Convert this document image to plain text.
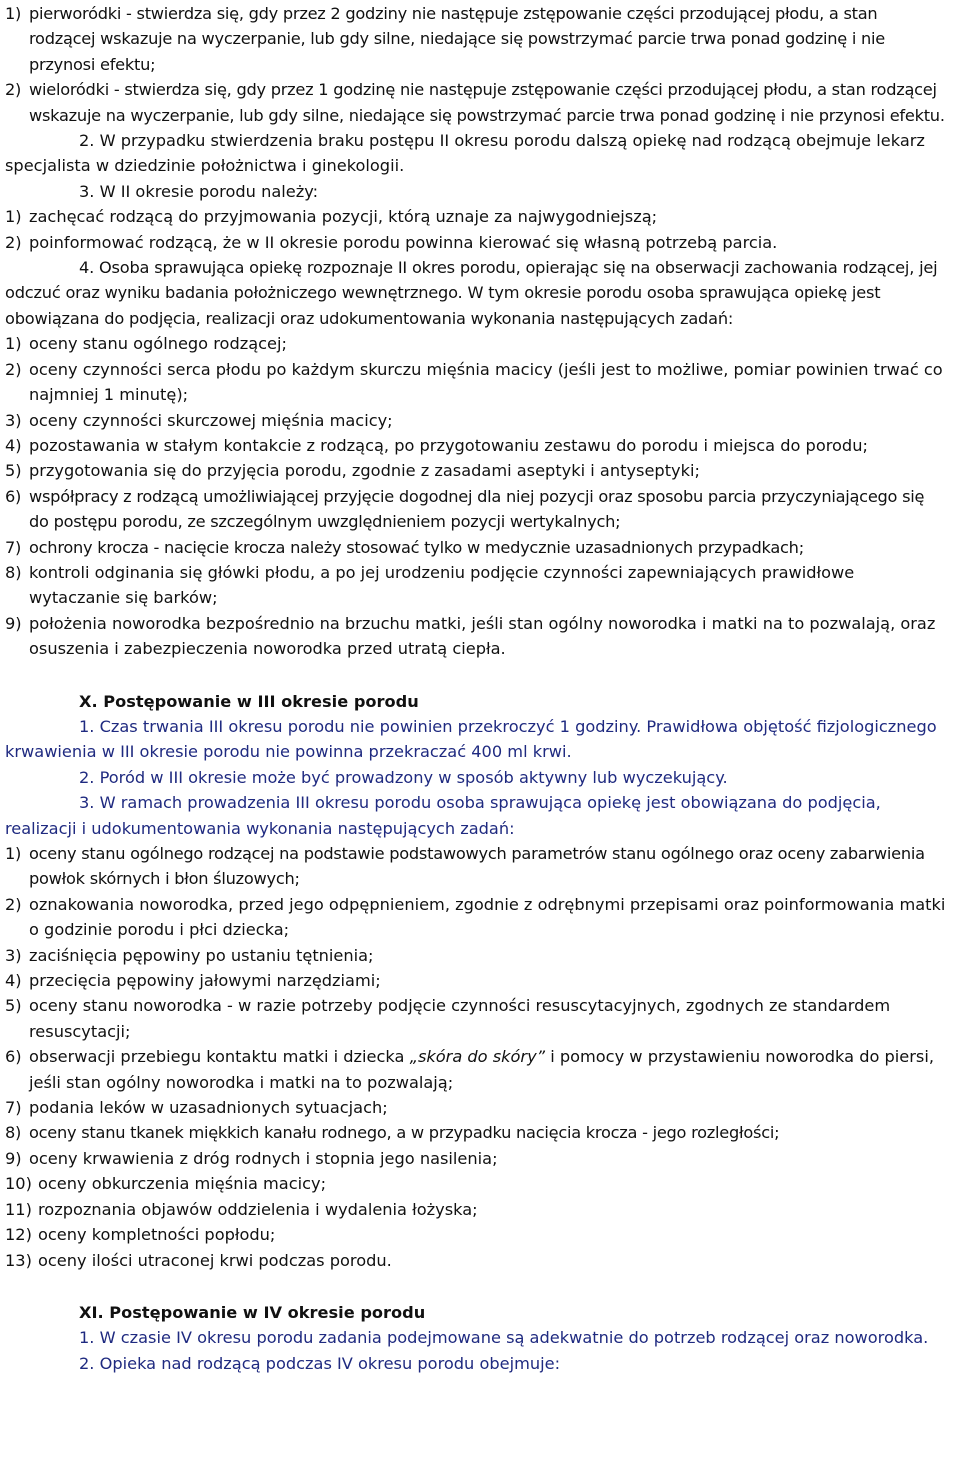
1) pierworódki - stwierdza się, gdy przez 2 godziny nie następuje zstępowanie części przodującej płodu, a stan rodzącej wskazuje na wyczerpanie, lub gdy silne, niedające się powstrzymać parcie trwa ponad godzinę i nie przynosi efektu;
2) wieloródki - stwierdza się, gdy przez 1 godzinę nie następuje zstępowanie części przodującej płodu, a stan rodzącej wskazuje na wyczerpanie, lub gdy silne, niedające się powstrzymać parcie trwa ponad godzinę i nie przynosi efektu.
2. W przypadku stwierdzenia braku postępu II okresu porodu dalszą opiekę nad rodzącą obejmuje lekarz specjalista w dziedzinie położnictwa i ginekologii.
3. W II okresie porodu należy:
1) zachęcać rodzącą do przyjmowania pozycji, którą uznaje za najwygodniejszą;
2) poinformować rodzącą, że w II okresie porodu powinna kierować się własną potrzebą parcia.
4. Osoba sprawująca opiekę rozpoznaje II okres porodu, opierając się na obserwacji zachowania rodzącej, jej odczuć oraz wyniku badania położniczego wewnętrznego. W tym okresie porodu osoba sprawująca opiekę jest obowiązana do podjęcia, realizacji oraz udokumentowania wykonania następujących zadań:
1) oceny stanu ogólnego rodzącej;
2) oceny czynności serca płodu po każdym skurczu mięśnia macicy (jeśli jest to możliwe, pomiar powinien trwać co najmniej 1 minutę);
3) oceny czynności skurczowej mięśnia macicy;
4) pozostawania w stałym kontakcie z rodzącą, po przygotowaniu zestawu do porodu i miejsca do porodu;
5) przygotowania się do przyjęcia porodu, zgodnie z zasadami aseptyki i antyseptyki;
6) współpracy z rodzącą umożliwiającej przyjęcie dogodnej dla niej pozycji oraz sposobu parcia przyczyniającego się do postępu porodu, ze szczególnym uwzględnieniem pozycji wertykalnych;
7) ochrony krocza - nacięcie krocza należy stosować tylko w medycznie uzasadnionych przypadkach;
8) kontroli odginania się główki płodu, a po jej urodzeniu podjęcie czynności zapewniających prawidłowe wytaczanie się barków;
9) położenia noworodka bezpośrednio na brzuchu matki, jeśli stan ogólny noworodka i matki na to pozwalają, oraz osuszenia i zabezpieczenia noworodka przed utratą ciepła.
X. Postępowanie w III okresie porodu
1. Czas trwania III okresu porodu nie powinien przekroczyć 1 godziny. Prawidłowa objętość fizjologicznego krwawienia w III okresie porodu nie powinna przekraczać 400 ml krwi.
2. Poród w III okresie może być prowadzony w sposób aktywny lub wyczekujący.
3. W ramach prowadzenia III okresu porodu osoba sprawująca opiekę jest obowiązana do podjęcia, realizacji i udokumentowania wykonania następujących zadań:
1) oceny stanu ogólnego rodzącej na podstawie podstawowych parametrów stanu ogólnego oraz oceny zabarwienia powłok skórnych i błon śluzowych;
2) oznakowania noworodka, przed jego odpępnieniem, zgodnie z odrębnymi przepisami oraz poinformowania matki o godzinie porodu i płci dziecka;
3) zaciśnięcia pępowiny po ustaniu tętnienia;
4) przecięcia pępowiny jałowymi narzędziami;
5) oceny stanu noworodka - w razie potrzeby podjęcie czynności resuscytacyjnych, zgodnych ze standardem resuscytacji;
6) obserwacji przebiegu kontaktu matki i dziecka „skóra do skóry” i pomocy w przystawieniu noworodka do piersi, jeśli stan ogólny noworodka i matki na to pozwalają;
7) podania leków w uzasadnionych sytuacjach;
8) oceny stanu tkanek miękkich kanału rodnego, a w przypadku nacięcia krocza - jego rozległości;
9) oceny krwawienia z dróg rodnych i stopnia jego nasilenia;
10) oceny obkurczenia mięśnia macicy;
11) rozpoznania objawów oddzielenia i wydalenia łożyska;
12) oceny kompletności popłodu;
13) oceny ilości utraconej krwi podczas porodu.
XI. Postępowanie w IV okresie porodu
1. W czasie IV okresu porodu zadania podejmowane są adekwatnie do potrzeb rodzącej oraz noworodka.
2. Opieka nad rodzącą podczas IV okresu porodu obejmuje:
